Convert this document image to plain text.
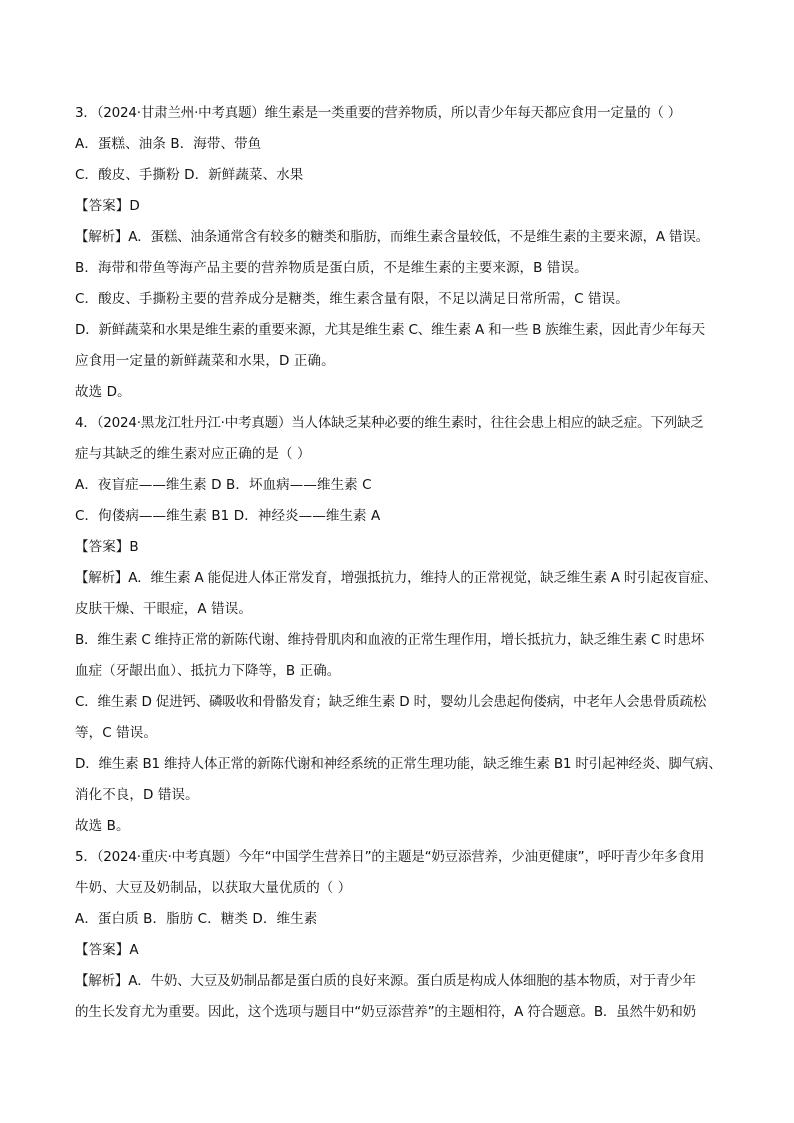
3．（2024·甘肃兰州·中考真题）维生素是一类重要的营养物质，所以青少年每天都应食用一定量的（ ）
A．蛋糕、油条 B．海带、带鱼
C．酸皮、手撕粉 D．新鲜蔬菜、水果
【答案】D
【解析】A．蛋糕、油条通常含有较多的糖类和脂肪，而维生素含量较低，不是维生素的主要来源，A 错误。
B．海带和带鱼等海产品主要的营养物质是蛋白质，不是维生素的主要来源，B 错误。
C．酸皮、手撕粉主要的营养成分是糖类，维生素含量有限，不足以满足日常所需，C 错误。
D．新鲜蔬菜和水果是维生素的重要来源，尤其是维生素 C、维生素 A 和一些 B 族维生素，因此青少年每天
应食用一定量的新鲜蔬菜和水果，D 正确。
故选 D。
4．（2024·黑龙江牡丹江·中考真题）当人体缺乏某种必要的维生素时，往往会患上相应的缺乏症。下列缺乏
症与其缺乏的维生素对应正确的是（ ）
A．夜盲症——维生素 D B．坏血病——维生素 C
C．佝偻病——维生素 B1 D．神经炎——维生素 A
【答案】B
【解析】A．维生素 A 能促进人体正常发育，增强抵抗力，维持人的正常视觉，缺乏维生素 A 时引起夜盲症、
皮肤干燥、干眼症，A 错误。
B．维生素 C 维持正常的新陈代谢、维持骨肌肉和血液的正常生理作用，增长抵抗力，缺乏维生素 C 时患坏
血症（牙龈出血）、抵抗力下降等，B 正确。
C．维生素 D 促进钙、磷吸收和骨骼发育；缺乏维生素 D 时，婴幼儿会患起佝偻病，中老年人会患骨质疏松
等，C 错误。
D．维生素 B1 维持人体正常的新陈代谢和神经系统的正常生理功能，缺乏维生素 B1 时引起神经炎、脚气病、
消化不良，D 错误。
故选 B。
5．（2024·重庆·中考真题）今年“中国学生营养日”的主题是“奶豆添营养，少油更健康”，呼吁青少年多食用
牛奶、大豆及奶制品，以获取大量优质的（ ）
A．蛋白质 B．脂肪 C．糖类 D．维生素
【答案】A
【解析】A．牛奶、大豆及奶制品都是蛋白质的良好来源。蛋白质是构成人体细胞的基本物质，对于青少年
的生长发育尤为重要。因此，这个选项与题目中“奶豆添营养”的主题相符，A 符合题意。B．虽然牛奶和奶
